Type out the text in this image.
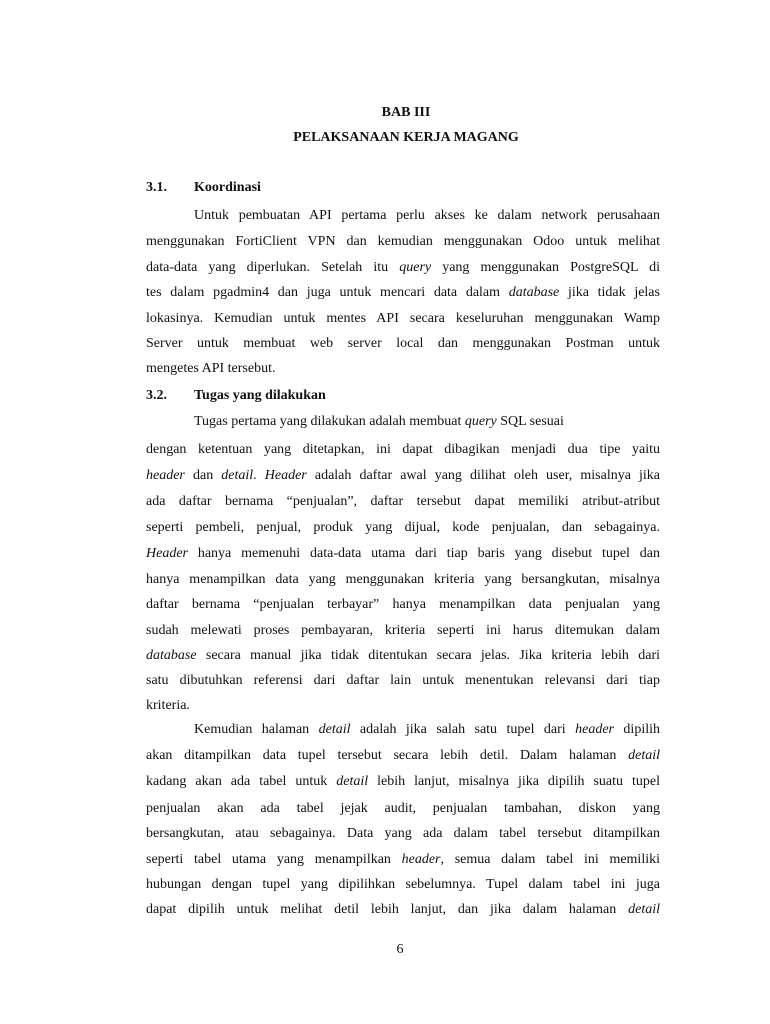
BAB III
PELAKSANAAN KERJA MAGANG
3.1. Koordinasi
Untuk pembuatan API pertama perlu akses ke dalam network perusahaan
menggunakan FortiClient VPN dan kemudian menggunakan Odoo untuk melihat
data-data yang diperlukan. Setelah itu query yang menggunakan PostgreSQL di
tes dalam pgadmin4 dan juga untuk mencari data dalam database jika tidak jelas
lokasinya. Kemudian untuk mentes API secara keseluruhan menggunakan Wamp
Server untuk membuat web server local dan menggunakan Postman untuk
mengetes API tersebut.
3.2. Tugas yang dilakukan
Tugas pertama yang dilakukan adalah membuat query SQL sesuai
dengan ketentuan yang ditetapkan, ini dapat dibagikan menjadi dua tipe yaitu
header dan detail. Header adalah daftar awal yang dilihat oleh user, misalnya jika
ada daftar bernama “penjualan”, daftar tersebut dapat memiliki atribut-atribut
seperti pembeli, penjual, produk yang dijual, kode penjualan, dan sebagainya.
Header hanya memenuhi data-data utama dari tiap baris yang disebut tupel dan
hanya menampilkan data yang menggunakan kriteria yang bersangkutan, misalnya
daftar bernama “penjualan terbayar” hanya menampilkan data penjualan yang
sudah melewati proses pembayaran, kriteria seperti ini harus ditemukan dalam
database secara manual jika tidak ditentukan secara jelas. Jika kriteria lebih dari
satu dibutuhkan referensi dari daftar lain untuk menentukan relevansi dari tiap
kriteria.
Kemudian halaman detail adalah jika salah satu tupel dari header dipilih
akan ditampilkan data tupel tersebut secara lebih detil. Dalam halaman detail
kadang akan ada tabel untuk detail lebih lanjut, misalnya jika dipilih suatu tupel
penjualan akan ada tabel jejak audit, penjualan tambahan, diskon yang
bersangkutan, atau sebagainya. Data yang ada dalam tabel tersebut ditampilkan
seperti tabel utama yang menampilkan header, semua dalam tabel ini memiliki
hubungan dengan tupel yang dipilihkan sebelumnya. Tupel dalam tabel ini juga
dapat dipilih untuk melihat detil lebih lanjut, dan jika dalam halaman detail
6
